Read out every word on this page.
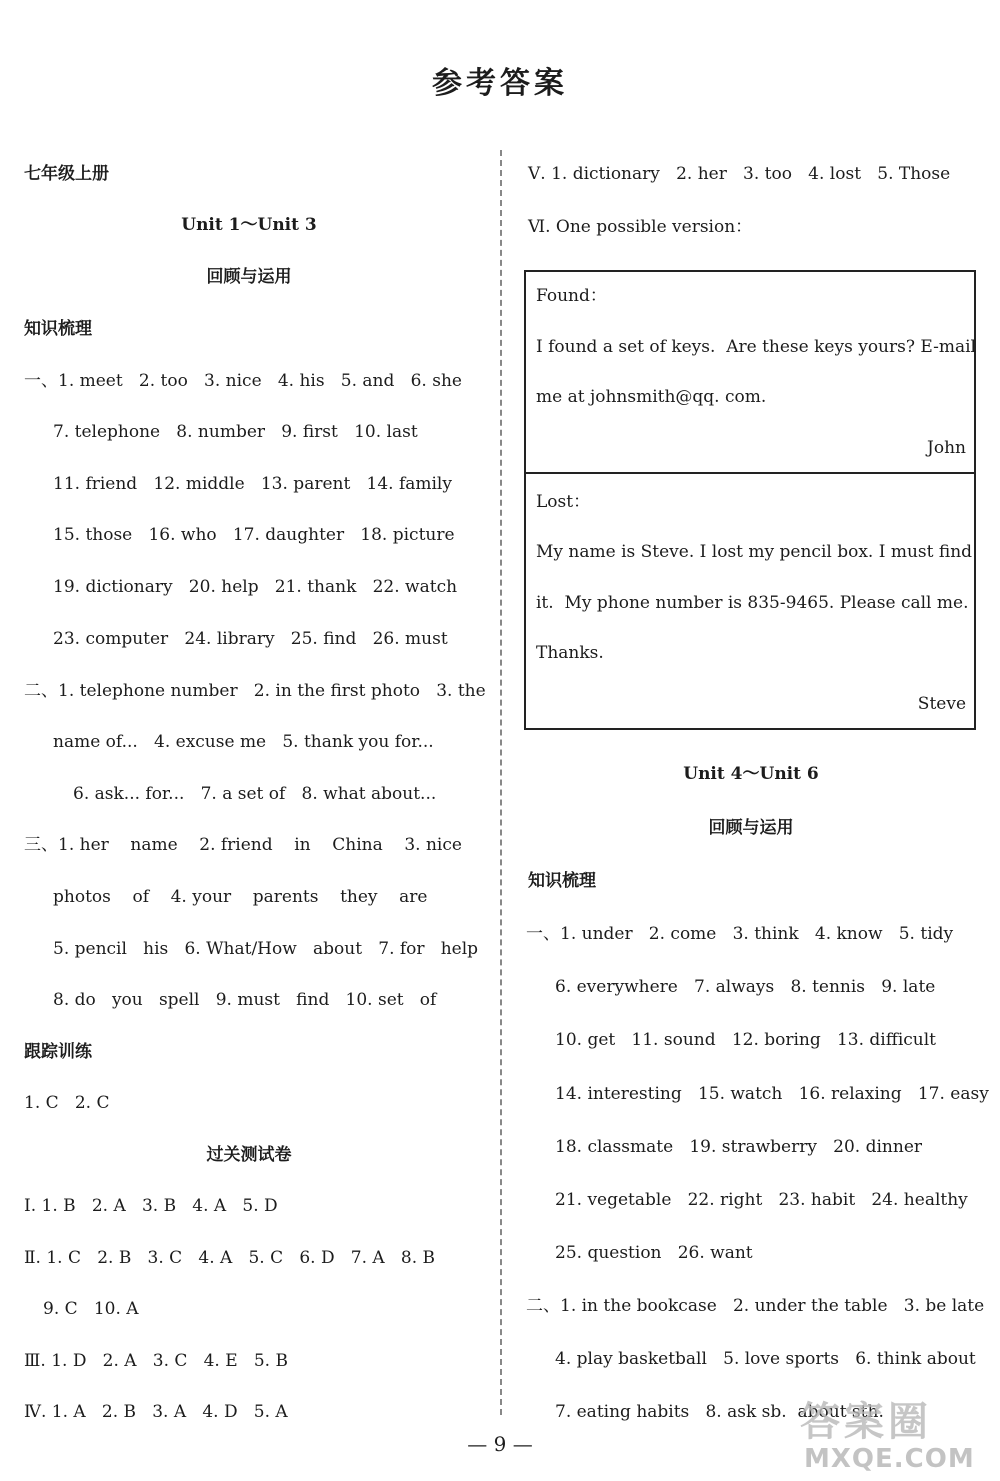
参考答案
七年级上册
Unit 1～Unit 3
回顾与运用
知识梳理
一、1. meet   2. too   3. nice   4. his   5. and   6. she
7. telephone   8. number   9. first   10. last
11. friend   12. middle   13. parent   14. family
15. those   16. who   17. daughter   18. picture
19. dictionary   20. help   21. thank   22. watch
23. computer   24. library   25. find   26. must
二、1. telephone number   2. in the first photo   3. the
name of...   4. excuse me   5. thank you for...
6. ask... for...   7. a set of   8. what about...
三、1. her    name    2. friend    in    China    3. nice
photos    of    4. your    parents    they    are
5. pencil   his   6. What/How   about   7. for   help
8. do   you   spell   9. must   find   10. set   of
跟踪训练
1. C   2. C
过关测试卷
Ⅰ. 1. B   2. A   3. B   4. A   5. D
Ⅱ. 1. C   2. B   3. C   4. A   5. C   6. D   7. A   8. B
9. C   10. A
Ⅲ. 1. D   2. A   3. C   4. E   5. B
Ⅳ. 1. A   2. B   3. A   4. D   5. A
Ⅴ. 1. dictionary   2. her   3. too   4. lost   5. Those
Ⅵ. One possible version：
Found：
I found a set of keys.  Are these keys yours? E-mail
me at johnsmith@qq. com.
John
Lost：
My name is Steve. I lost my pencil box. I must find
it.  My phone number is 835-9465. Please call me.
Thanks.
Steve
Unit 4～Unit 6
回顾与运用
知识梳理
一、1. under   2. come   3. think   4. know   5. tidy
6. everywhere   7. always   8. tennis   9. late
10. get   11. sound   12. boring   13. difficult
14. interesting   15. watch   16. relaxing   17. easy
18. classmate   19. strawberry   20. dinner
21. vegetable   22. right   23. habit   24. healthy
25. question   26. want
二、1. in the bookcase   2. under the table   3. be late
4. play basketball   5. love sports   6. think about
7. eating habits   8. ask sb.  about sth.
— 9 —	答案圈
MXQE.COM
